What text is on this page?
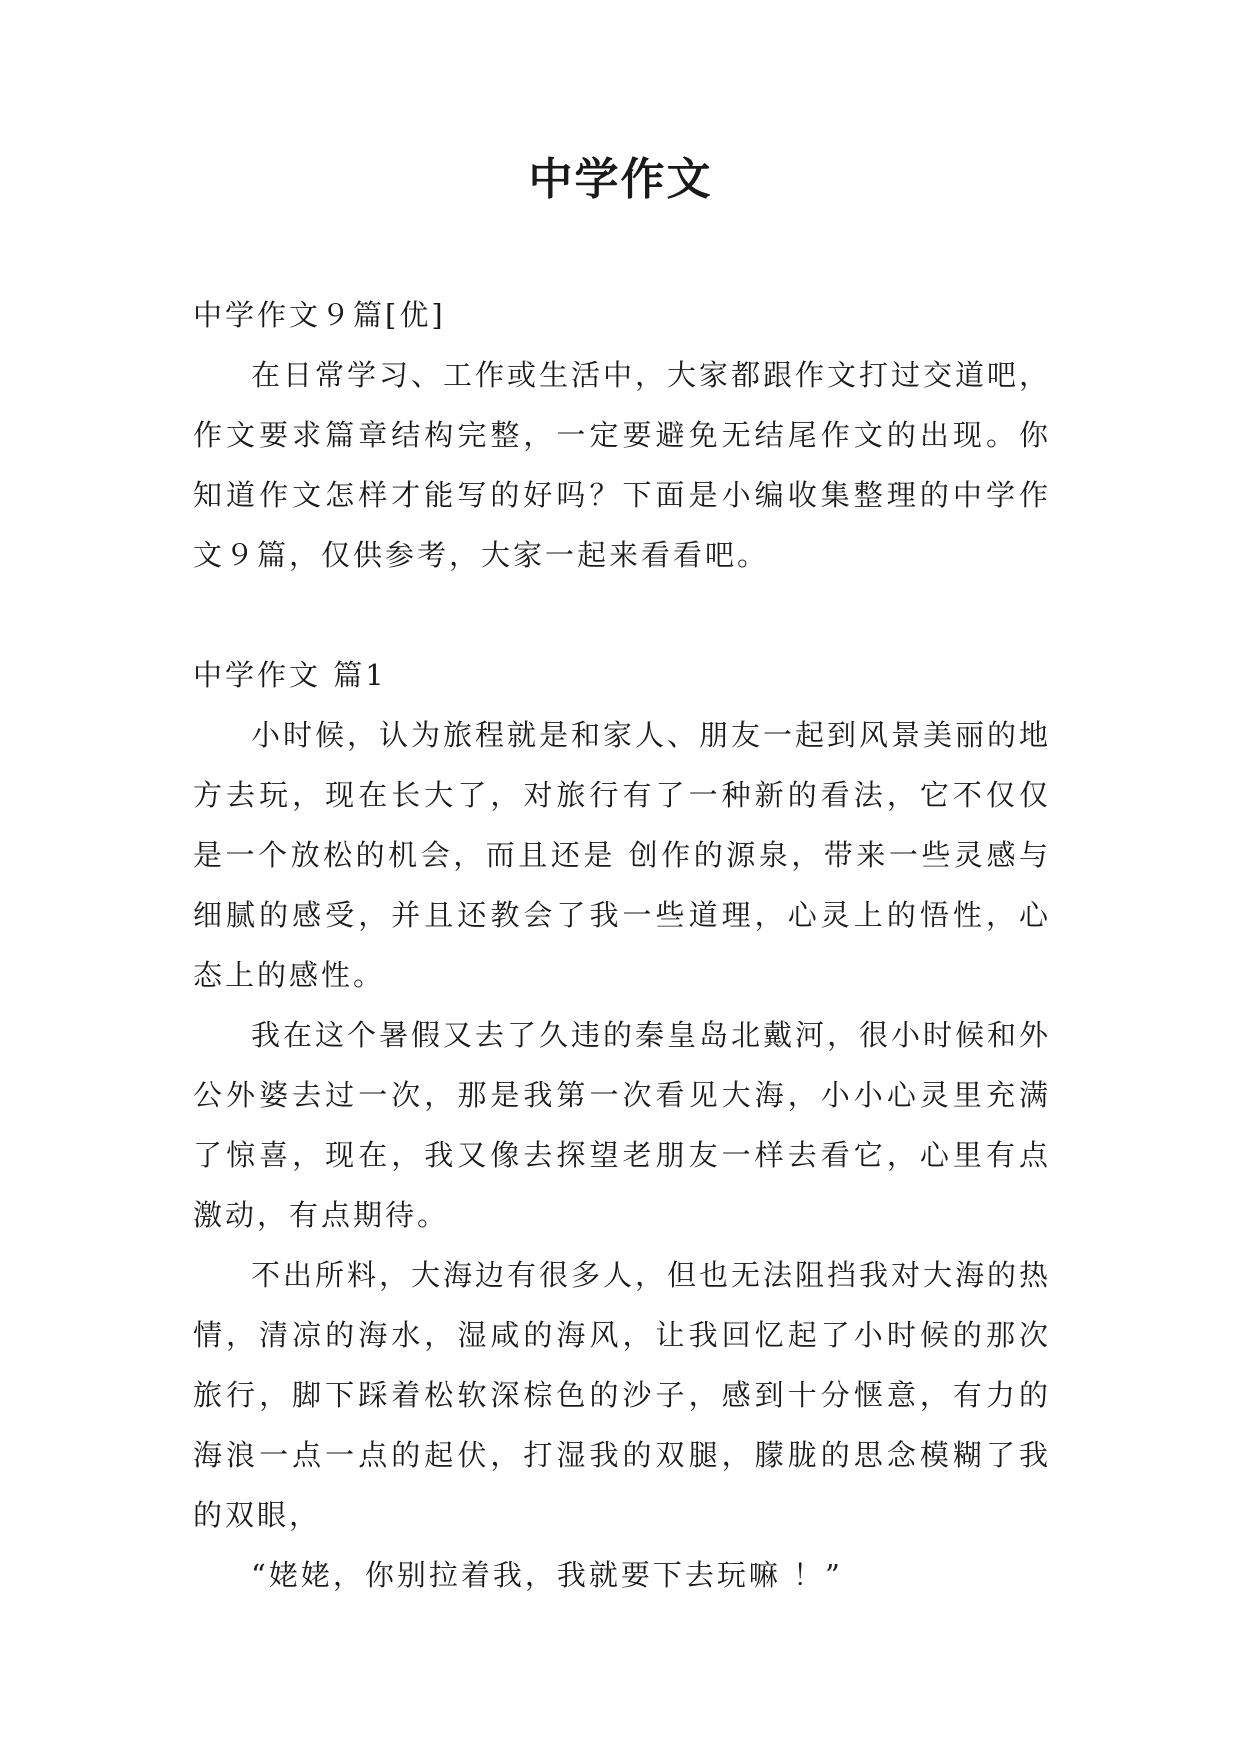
中学作文

中学作文９篇[优]

在日常学习、工作或生活中，大家都跟作文打过交道吧，作文要求篇章结构完整，一定要避免无结尾作文的出现。你知道作文怎样才能写的好吗？下面是小编收集整理的中学作文９篇，仅供参考，大家一起来看看吧。

中学作文 篇1

小时候，认为旅程就是和家人、朋友一起到风景美丽的地方去玩，现在长大了，对旅行有了一种新的看法，它不仅仅是一个放松的机会，而且还是 创作的源泉，带来一些灵感与细腻的感受，并且还教会了我一些道理，心灵上的悟性，心态上的感性。

我在这个暑假又去了久违的秦皇岛北戴河，很小时候和外公外婆去过一次，那是我第一次看见大海，小小心灵里充满了惊喜，现在，我又像去探望老朋友一样去看它，心里有点激动，有点期待。

不出所料，大海边有很多人，但也无法阻挡我对大海的热情，清凉的海水，湿咸的海风，让我回忆起了小时候的那次旅行，脚下踩着松软深棕色的沙子，感到十分惬意，有力的海浪一点一点的起伏，打湿我的双腿，朦胧的思念模糊了我的双眼，

“姥姥，你别拉着我，我就要下去玩嘛 ！”
